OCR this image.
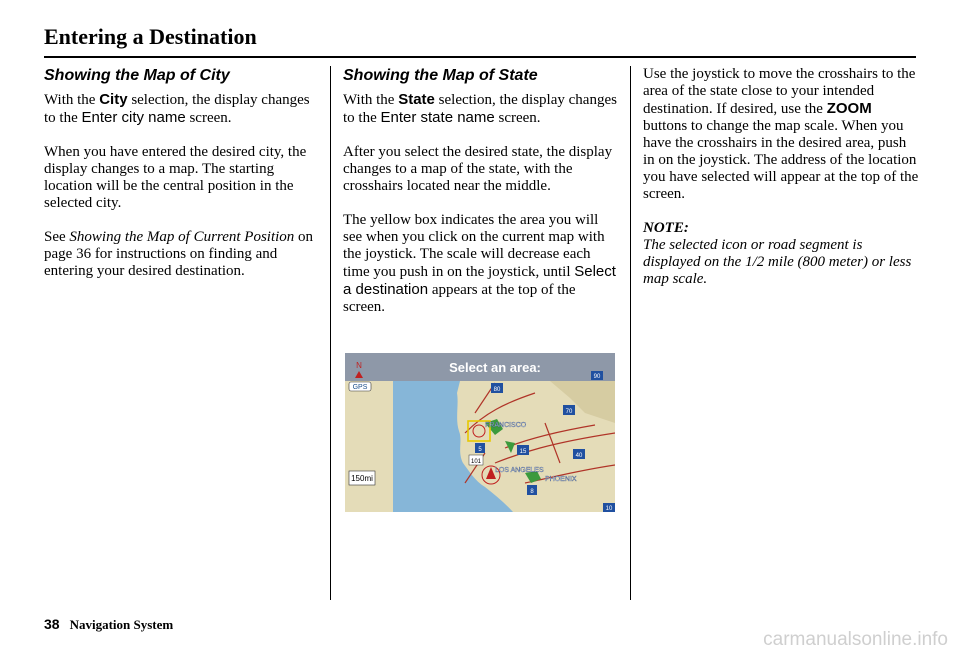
Entering a Destination
Showing the Map of City

With the City selection, the display changes to the Enter city name screen.

When you have entered the desired city, the display changes to a map. The starting location will be the central position in the selected city.

See Showing the Map of Current Position on page 36 for instructions on finding and entering your desired destination.

Showing the Map of State

With the State selection, the display changes to the Enter state name screen.

After you select the desired state, the display changes to a map of the state, with the crosshairs located near the middle.

The yellow box indicates the area you will see when you click on the current map with the joystick. The scale will decrease each time you push in on the joystick, until Select a destination appears at the top of the screen.

Select an area:
N
GPS
150mi
FRANCISCO
LOS ANGELES
PHOENIX
80
70
15
5
40
101
8
10
90

Use the joystick to move the crosshairs to the area of the state close to your intended destination. If desired, use the ZOOM buttons to change the map scale. When you have the crosshairs in the desired area, push in on the joystick. The address of the location you have selected will appear at the top of the screen.

NOTE:

The selected icon or road segment is displayed on the 1/2 mile (800 meter) or less map scale.

38 Navigation System
carmanualsonline.info
